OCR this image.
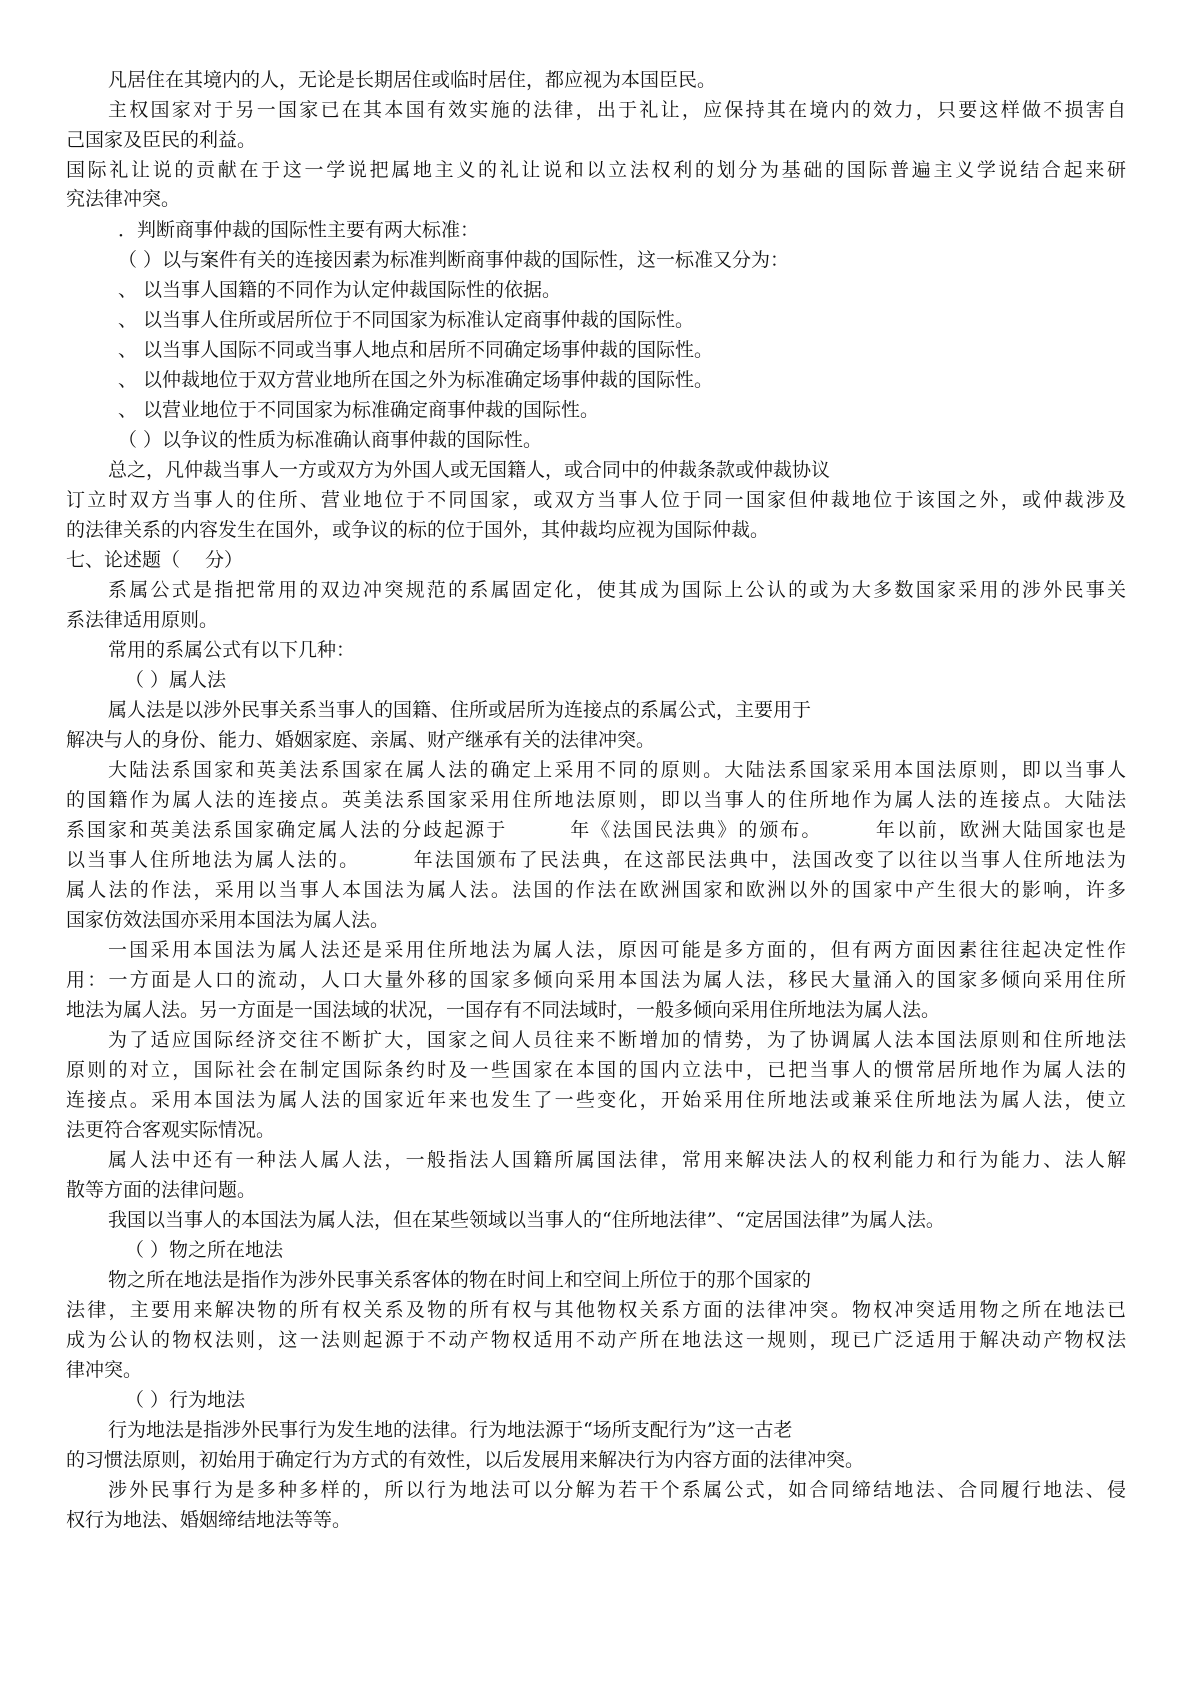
凡居住在其境内的人，无论是长期居住或临时居住，都应视为本国臣民。
主权国家对于另一国家已在其本国有效实施的法律，出于礼让，应保持其在境内的效力，只要这样做不损害自
己国家及臣民的利益。
国际礼让说的贡献在于这一学说把属地主义的礼让说和以立法权利的划分为基础的国际普遍主义学说结合起来研
究法律冲突。
．判断商事仲裁的国际性主要有两大标准：
（ ）以与案件有关的连接因素为标准判断商事仲裁的国际性，这一标准又分为：
、 以当事人国籍的不同作为认定仲裁国际性的依据。
、 以当事人住所或居所位于不同国家为标准认定商事仲裁的国际性。
、 以当事人国际不同或当事人地点和居所不同确定场事仲裁的国际性。
、 以仲裁地位于双方营业地所在国之外为标准确定场事仲裁的国际性。
、 以营业地位于不同国家为标准确定商事仲裁的国际性。
（ ）以争议的性质为标准确认商事仲裁的国际性。
总之，凡仲裁当事人一方或双方为外国人或无国籍人，或合同中的仲裁条款或仲裁协议
订立时双方当事人的住所、营业地位于不同国家，或双方当事人位于同一国家但仲裁地位于该国之外，或仲裁涉及
的法律关系的内容发生在国外，或争议的标的位于国外，其仲裁均应视为国际仲裁。
七、论述题（　 分）
系属公式是指把常用的双边冲突规范的系属固定化，使其成为国际上公认的或为大多数国家采用的涉外民事关
系法律适用原则。
常用的系属公式有以下几种：
（ ）属人法
属人法是以涉外民事关系当事人的国籍、住所或居所为连接点的系属公式，主要用于
解决与人的身份、能力、婚姻家庭、亲属、财产继承有关的法律冲突。
大陆法系国家和英美法系国家在属人法的确定上采用不同的原则。大陆法系国家采用本国法原则，即以当事人
的国籍作为属人法的连接点。英美法系国家采用住所地法原则，即以当事人的住所地作为属人法的连接点。大陆法
系国家和英美法系国家确定属人法的分歧起源于　　　年《法国民法典》的颁布。　　　年以前，欧洲大陆国家也是
以当事人住所地法为属人法的。　　　年法国颁布了民法典，在这部民法典中，法国改变了以往以当事人住所地法为
属人法的作法，采用以当事人本国法为属人法。法国的作法在欧洲国家和欧洲以外的国家中产生很大的影响，许多
国家仿效法国亦采用本国法为属人法。
一国采用本国法为属人法还是采用住所地法为属人法，原因可能是多方面的，但有两方面因素往往起决定性作
用：一方面是人口的流动，人口大量外移的国家多倾向采用本国法为属人法，移民大量涌入的国家多倾向采用住所
地法为属人法。另一方面是一国法域的状况，一国存有不同法域时，一般多倾向采用住所地法为属人法。
为了适应国际经济交往不断扩大，国家之间人员往来不断增加的情势，为了协调属人法本国法原则和住所地法
原则的对立，国际社会在制定国际条约时及一些国家在本国的国内立法中，已把当事人的惯常居所地作为属人法的
连接点。采用本国法为属人法的国家近年来也发生了一些变化，开始采用住所地法或兼采住所地法为属人法，使立
法更符合客观实际情况。
属人法中还有一种法人属人法，一般指法人国籍所属国法律，常用来解决法人的权利能力和行为能力、法人解
散等方面的法律问题。
我国以当事人的本国法为属人法，但在某些领域以当事人的“住所地法律”、“定居国法律”为属人法。
（ ）物之所在地法
物之所在地法是指作为涉外民事关系客体的物在时间上和空间上所位于的那个国家的
法律，主要用来解决物的所有权关系及物的所有权与其他物权关系方面的法律冲突。物权冲突适用物之所在地法已
成为公认的物权法则，这一法则起源于不动产物权适用不动产所在地法这一规则，现已广泛适用于解决动产物权法
律冲突。
（ ）行为地法
行为地法是指涉外民事行为发生地的法律。行为地法源于“场所支配行为”这一古老
的习惯法原则，初始用于确定行为方式的有效性，以后发展用来解决行为内容方面的法律冲突。
涉外民事行为是多种多样的，所以行为地法可以分解为若干个系属公式，如合同缔结地法、合同履行地法、侵
权行为地法、婚姻缔结地法等等。
